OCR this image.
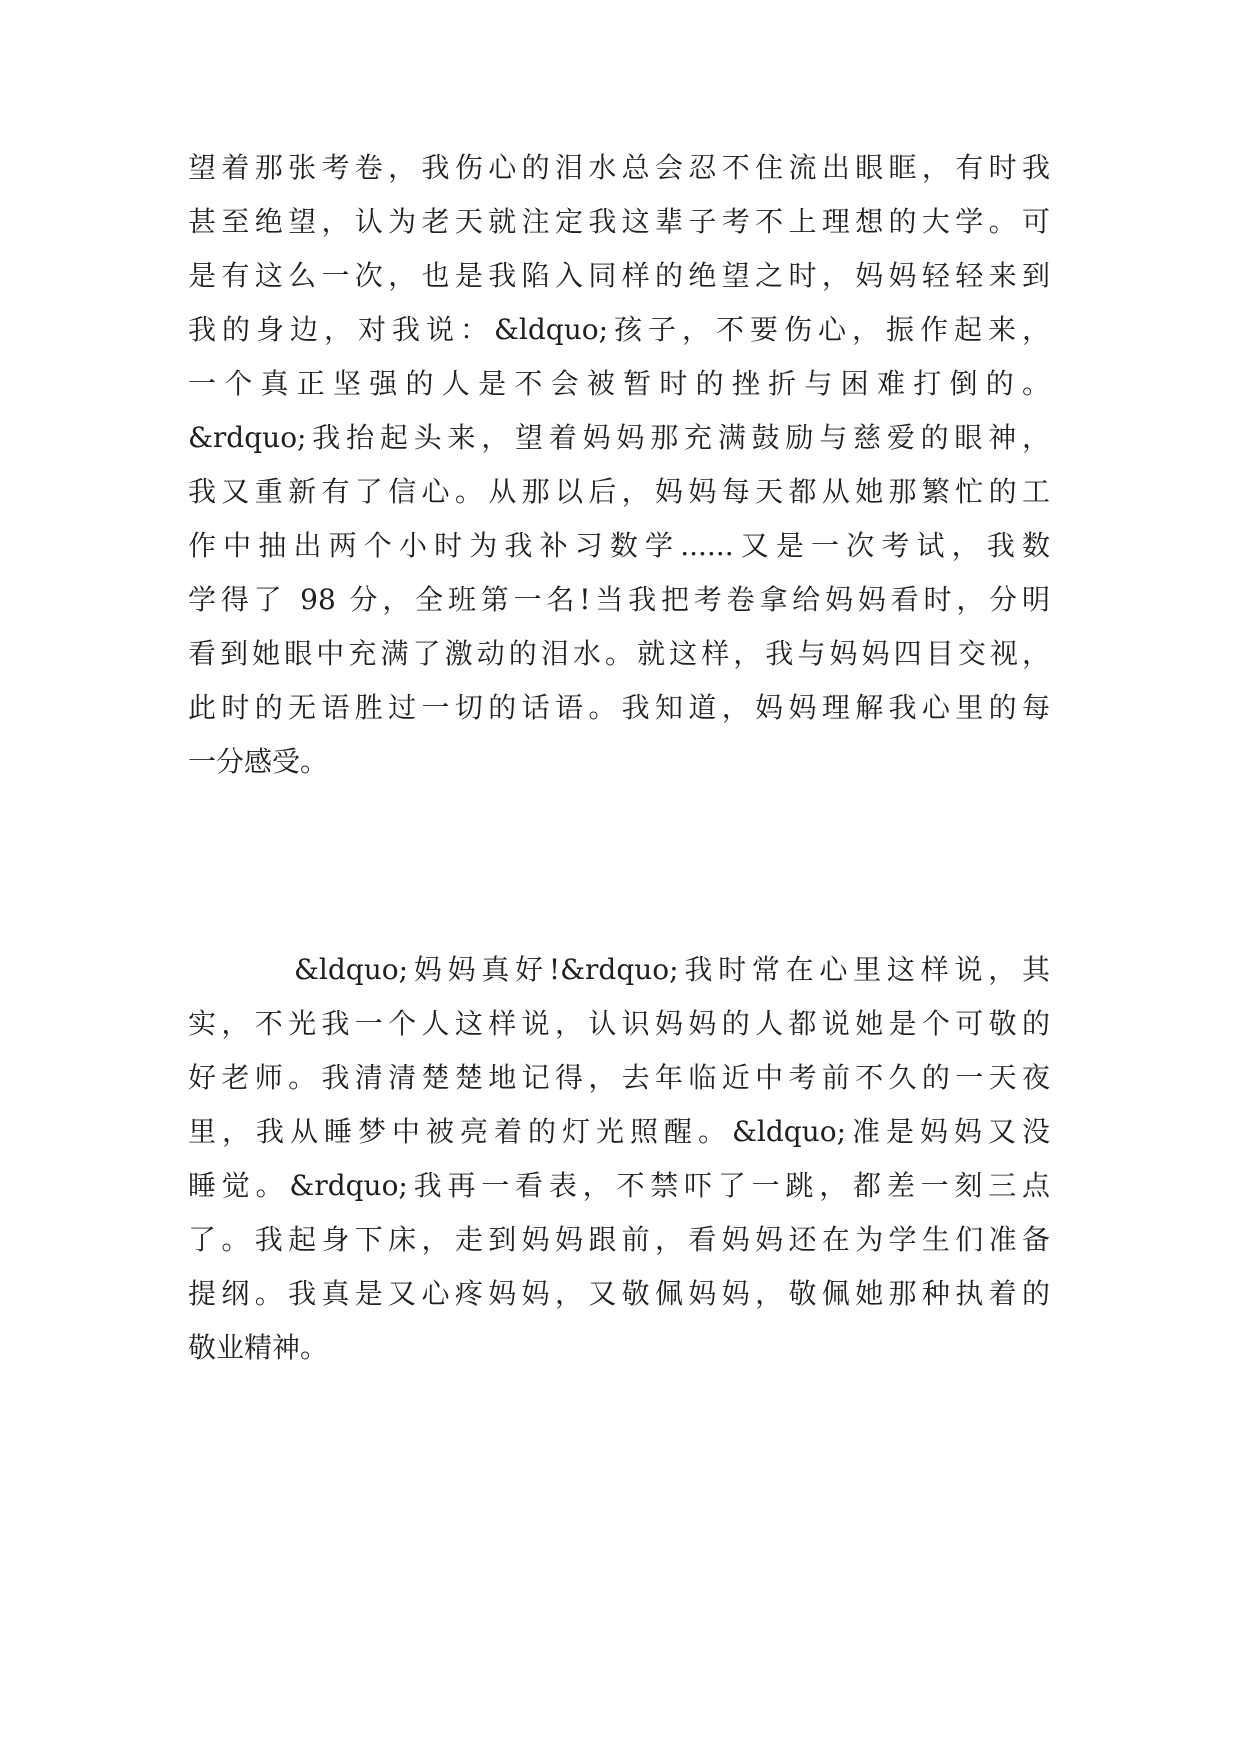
望着那张考卷，我伤心的泪水总会忍不住流出眼眶，有时我
甚至绝望，认为老天就注定我这辈子考不上理想的大学。可
是有这么一次，也是我陷入同样的绝望之时，妈妈轻轻来到
我的身边，对我说：&ldquo;孩子，不要伤心，振作起来，
一个真正坚强的人是不会被暂时的挫折与困难打倒的。
&rdquo;我抬起头来，望着妈妈那充满鼓励与慈爱的眼神，
我又重新有了信心。从那以后，妈妈每天都从她那繁忙的工
作中抽出两个小时为我补习数学......又是一次考试，我数
学得了 98 分，全班第一名!当我把考卷拿给妈妈看时，分明
看到她眼中充满了激动的泪水。就这样，我与妈妈四目交视，
此时的无语胜过一切的话语。我知道，妈妈理解我心里的每
一分感受。
&ldquo;妈妈真好!&rdquo;我时常在心里这样说，其
实，不光我一个人这样说，认识妈妈的人都说她是个可敬的
好老师。我清清楚楚地记得，去年临近中考前不久的一天夜
里，我从睡梦中被亮着的灯光照醒。&ldquo;准是妈妈又没
睡觉。&rdquo;我再一看表，不禁吓了一跳，都差一刻三点
了。我起身下床，走到妈妈跟前，看妈妈还在为学生们准备
提纲。我真是又心疼妈妈，又敬佩妈妈，敬佩她那种执着的
敬业精神。
